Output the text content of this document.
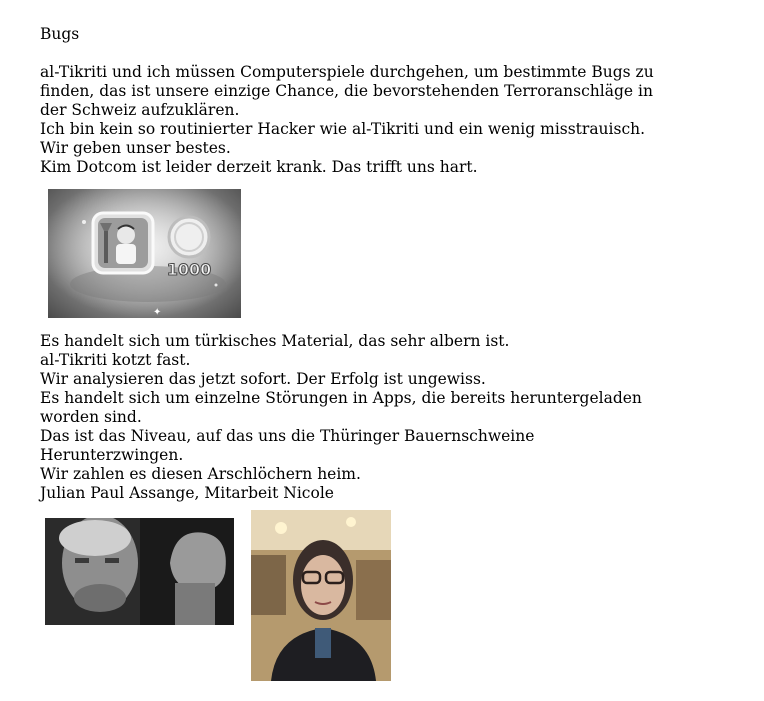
Bugs

al-Tikriti und ich müssen Computerspiele durchgehen, um bestimmte Bugs zu

finden, das ist unsere einzige Chance, die bevorstehenden Terroranschläge in

der Schweiz aufzuklären.

Ich bin kein so routinierter Hacker wie al-Tikriti und ein wenig misstrauisch.

Wir geben unser bestes.

Kim Dotcom ist leider derzeit krank. Das trifft uns hart.

1000
✦

Es handelt sich um türkisches Material, das sehr albern ist.

al-Tikriti kotzt fast.

Wir analysieren das jetzt sofort. Der Erfolg ist ungewiss.

Es handelt sich um einzelne Störungen in Apps, die bereits heruntergeladen

worden sind.

Das ist das Niveau, auf das uns die Thüringer Bauernschweine

Herunterzwingen.

Wir zahlen es diesen Arschlöchern heim.

Julian Paul Assange, Mitarbeit Nicole
